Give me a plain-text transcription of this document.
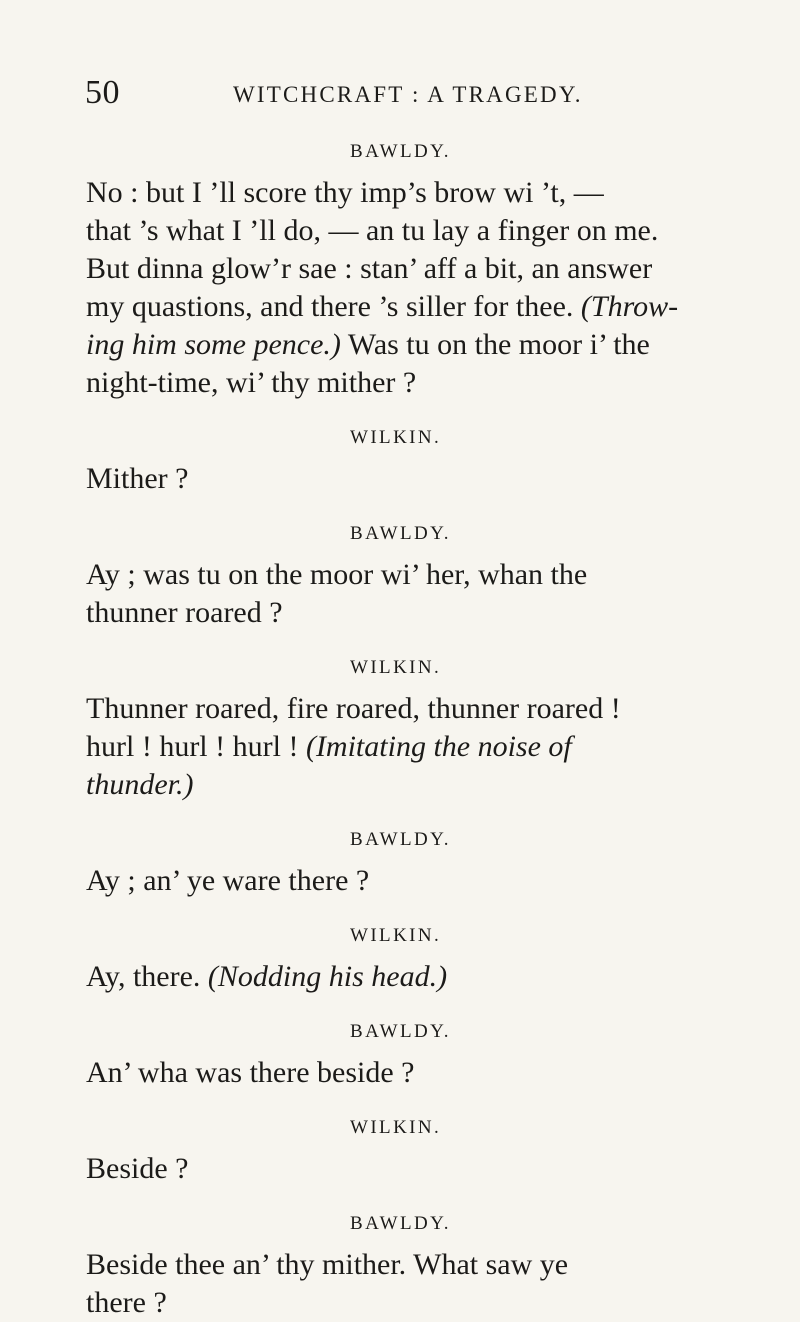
50	WITCHCRAFT : A TRAGEDY.

BAWLDY.

No : but I ’ll score thy imp’s brow wi ’t, —

that ’s what I ’ll do, — an tu lay a finger on me.

But dinna glow’r sae : stan’ aff a bit, an answer

my quastions, and there ’s siller for thee. (Throw-

ing him some pence.) Was tu on the moor i’ the

night-time, wi’ thy mither ?

WILKIN.

Mither ?

BAWLDY.

Ay ; was tu on the moor wi’ her, whan the

thunner roared ?

WILKIN.

Thunner roared, fire roared, thunner roared !

hurl ! hurl ! hurl ! (Imitating the noise of

thunder.)

BAWLDY.

Ay ; an’ ye ware there ?

WILKIN.

Ay, there. (Nodding his head.)

BAWLDY.

An’ wha was there beside ?

WILKIN.

Beside ?

BAWLDY.

Beside thee an’ thy mither. What saw ye

there ?
